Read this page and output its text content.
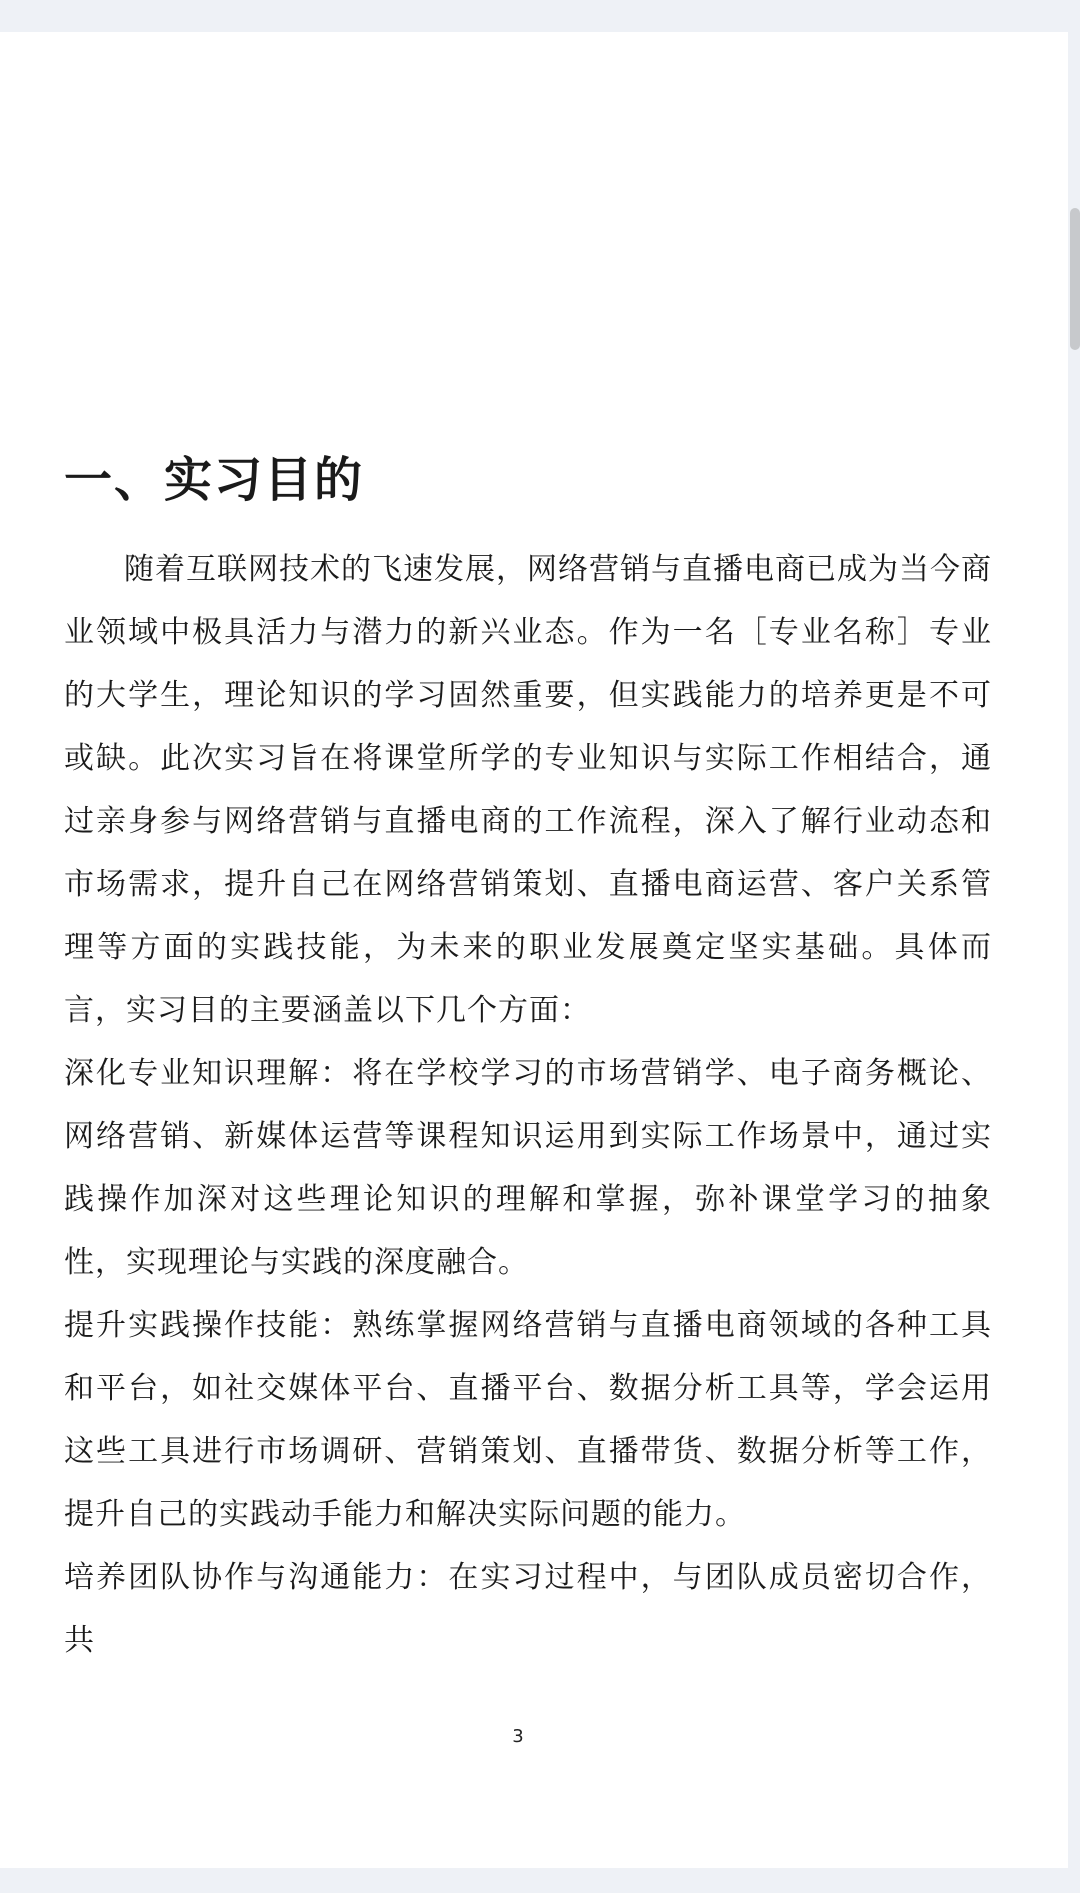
一、实习目的

随着互联网技术的飞速发展，网络营销与直播电商已成为当今商业领域中极具活力与潜力的新兴业态。作为一名［专业名称］专业的大学生，理论知识的学习固然重要，但实践能力的培养更是不可或缺。此次实习旨在将课堂所学的专业知识与实际工作相结合，通过亲身参与网络营销与直播电商的工作流程，深入了解行业动态和市场需求，提升自己在网络营销策划、直播电商运营、客户关系管理等方面的实践技能，为未来的职业发展奠定坚实基础。具体而言，实习目的主要涵盖以下几个方面：

深化专业知识理解：将在学校学习的市场营销学、电子商务概论、网络营销、新媒体运营等课程知识运用到实际工作场景中，通过实践操作加深对这些理论知识的理解和掌握，弥补课堂学习的抽象性，实现理论与实践的深度融合。

提升实践操作技能：熟练掌握网络营销与直播电商领域的各种工具和平台，如社交媒体平台、直播平台、数据分析工具等，学会运用这些工具进行市场调研、营销策划、直播带货、数据分析等工作，提升自己的实践动手能力和解决实际问题的能力。

培养团队协作与沟通能力：在实习过程中，与团队成员密切合作，共

3
